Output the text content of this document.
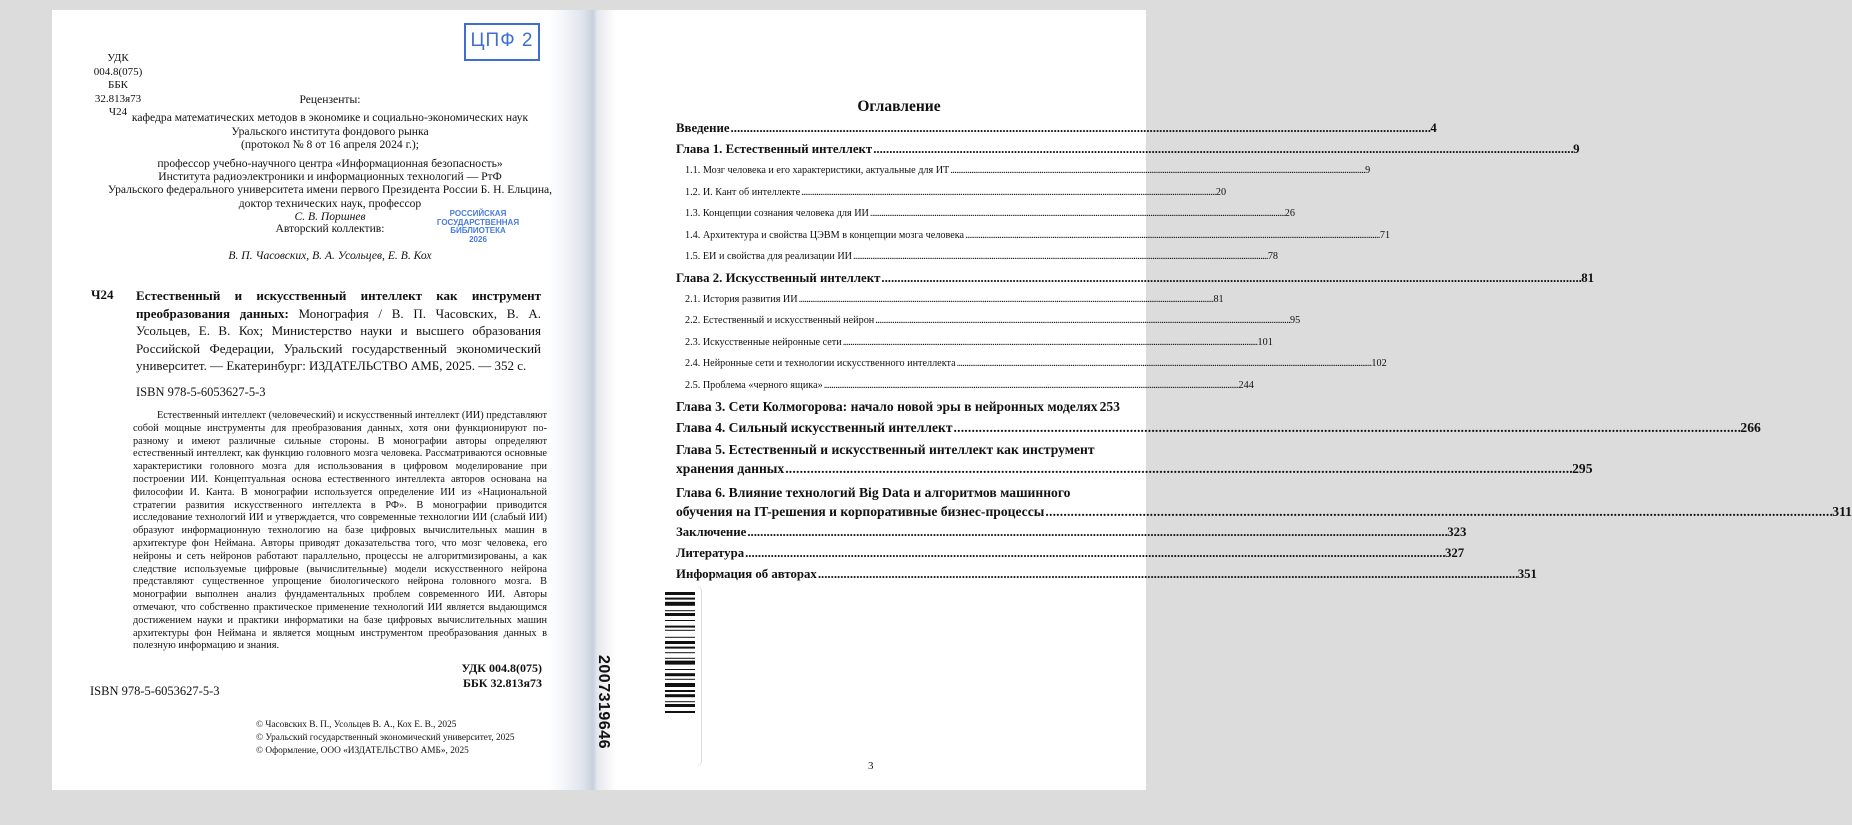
УДК 004.8(075)
ББК 32.813я73
Ч24
ЦПФ 2
Рецензенты:
кафедра математических методов в экономике и социально-экономических наук
Уральского института фондового рынка
(протокол № 8 от 16 апреля 2024 г.);
профессор учебно-научного центра «Информационная безопасность»
Института радиоэлектроники и информационных технологий — РтФ
Уральского федерального университета имени первого Президента России Б. Н. Ельцина,
доктор технических наук, профессор
С. В. Поршнев	РОССИЙСКАЯ
ГОСУДАРСТВЕННАЯ
БИБЛИОТЕКА
2026
Авторский коллектив:
В. П. Часовских, В. А. Усольцев, Е. В. Кох
Ч24 Естественный и искусственный интеллект как инструмент преобразования данных: Монография / В. П. Часовских, В. А. Усольцев, Е. В. Кох; Министерство науки и высшего образования Российской Федерации, Уральский государственный экономический университет. — Екатеринбург: ИЗДАТЕЛЬСТВО АМБ, 2025. — 352 с.
ISBN 978-5-6053627-5-3

Естественный интеллект (человеческий) и искусственный интеллект (ИИ) представляют собой мощные инструменты для преобразования данных, хотя они функционируют по-разному и имеют различные сильные стороны. В монографии авторы определяют естественный интеллект, как функцию головного мозга человека. Рассматриваются основные характеристики головного мозга для использования в цифровом моделирование при построении ИИ. Концептуальная основа естественного интеллекта авторов основана на философии И. Канта. В монографии используется определение ИИ из «Национальной стратегии развития искусственного интеллекта в РФ». В монографии приводится исследование технологий ИИ и утверждается, что современные технологии ИИ (слабый ИИ) образуют информационную технологию на базе цифровых вычислительных машин в архитектуре фон Неймана. Авторы приводят доказательства того, что мозг человека, его нейроны и сеть нейронов работают параллельно, процессы не алгоритмизированы, а как следствие используемые цифровые (вычислительные) модели искусственного нейрона представляют существенное упрощение биологического нейрона головного мозга. В монографии выполнен анализ фундаментальных проблем современного ИИ. Авторы отмечают, что собственно практическое применение технологий ИИ является выдающимся достижением науки и практики информатики на базе цифровых вычислительных машин архитектуры фон Неймана и является мощным инструментом преобразования данных в полезную информацию и знания.

УДК 004.8(075)
ББК 32.813я73
ISBN 978-5-6053627-5-3
© Часовских В. П., Усольцев В. А., Кох Е. В., 2025
© Уральский государственный экономический университет, 2025
© Оформление, ООО «ИЗДАТЕЛЬСТВО АМБ», 2025
Оглавление
Введение . . .	4
Глава 1. Естественный интеллект . . .	9
1.1. Мозг человека и его характеристики, актуальные для ИТ . . .	9
1.2. И. Кант об интеллекте . . .	20
1.3. Концепции сознания человека для ИИ . . .	26
1.4. Архитектура и свойства ЦЭВМ в концепции мозга человека . . .	71
1.5. ЕИ и свойства для реализации ИИ . . .	78
Глава 2. Искусственный интеллект . . .	81
2.1. История развития ИИ . . .	81
2.2. Естественный и искусственный нейрон . . .	95
2.3. Искусственные нейронные сети . . .	101
2.4. Нейронные сети и технологии искусственного интеллекта . . .	102
2.5. Проблема «черного ящика» . . .	244
Глава 3. Сети Колмогорова: начало новой эры в нейронных моделях 253
Глава 4. Сильный искусственный интеллект . . .	266
Глава 5. Естественный и искусственный интеллект как инструмент
хранения данных . . .	295
Глава 6. Влияние технологий Big Data и алгоритмов машинного
обучения на IT-решения и корпоративные бизнес-процессы . . .	311
Заключение . . .	323
Литература . . .	327
Информация об авторах . . .	351
2007319646
3
